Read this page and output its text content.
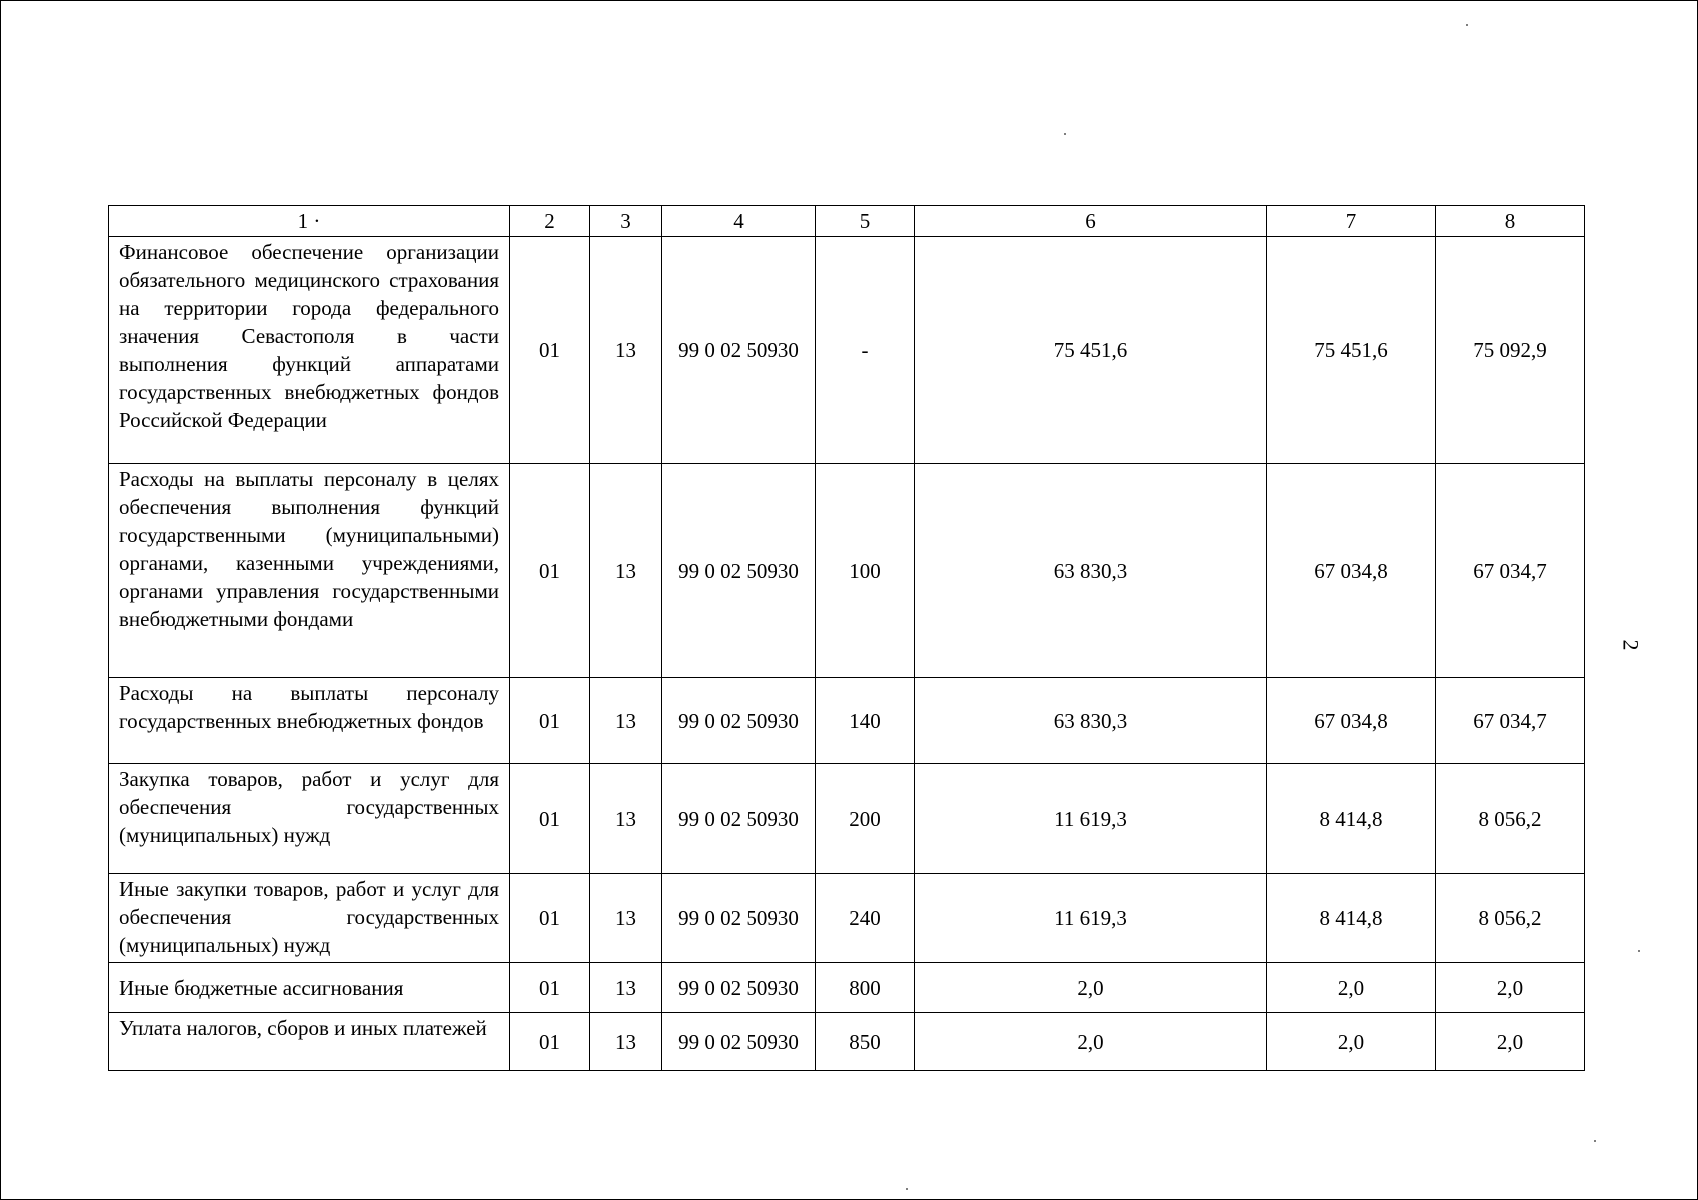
1 ·	2	3	4	5	6	7	8
Финансовое обеспечение организации обязательного медицинского страхования на территории города федерального значения Севастополя в части выполнения функций аппаратами государственных внебюджетных фондов Российской Федерации	01	13	99 0 02 50930	-	75 451,6	75 451,6	75 092,9
Расходы на выплаты персоналу в целях обеспечения выполнения функций государственными (муниципальными) органами, казенными учреждениями, органами управления государственными внебюджетными фондами	01	13	99 0 02 50930	100	63 830,3	67 034,8	67 034,7
Расходы на выплаты персоналу государственных внебюджетных фондов	01	13	99 0 02 50930	140	63 830,3	67 034,8	67 034,7
Закупка товаров, работ и услуг для обеспечения государственных (муниципальных) нужд	01	13	99 0 02 50930	200	11 619,3	8 414,8	8 056,2
Иные закупки товаров, работ и услуг для обеспечения государственных (муниципальных) нужд	01	13	99 0 02 50930	240	11 619,3	8 414,8	8 056,2
Иные бюджетные ассигнования	01	13	99 0 02 50930	800	2,0	2,0	2,0
Уплата налогов, сборов и иных платежей	01	13	99 0 02 50930	850	2,0	2,0	2,0
2
